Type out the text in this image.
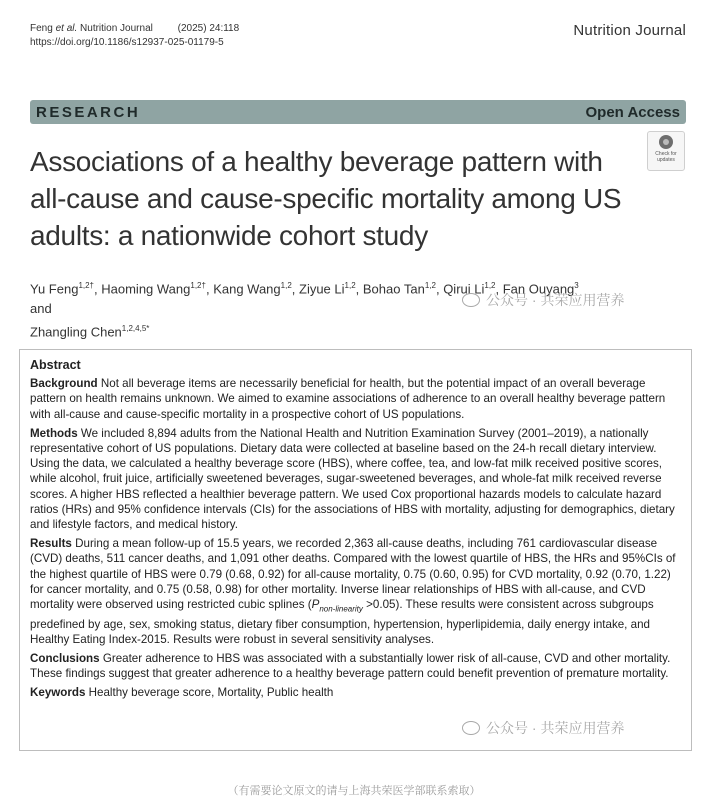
Feng et al. Nutrition Journal (2025) 24:118
https://doi.org/10.1186/s12937-025-01179-5
Nutrition Journal
RESEARCH	Open Access
Check for updates
Associations of a healthy beverage pattern with all-cause and cause-specific mortality among US adults: a nationwide cohort study
Yu Feng$^{1,2\dagger}$, Haoming Wang$^{1,2\dagger}$, Kang Wang$^{1,2}$, Ziyue Li$^{1,2}$, Bohao Tan$^{1,2}$, Qirui Li$^{1,2}$, Fan Ouyang$^3$ and
Zhangling Chen$^{1,2,4,5*}$
公众号 · 共荣应用营养
Abstract

Background Not all beverage items are necessarily beneficial for health, but the potential impact of an overall beverage pattern on health remains unknown. We aimed to examine associations of adherence to an overall healthy beverage pattern with all-cause and cause-specific mortality in a prospective cohort of US populations.

Methods We included 8,894 adults from the National Health and Nutrition Examination Survey (2001–2019), a nationally representative cohort of US populations. Dietary data were collected at baseline based on the 24-h recall dietary interview. Using the data, we calculated a healthy beverage score (HBS), where coffee, tea, and low-fat milk received positive scores, while alcohol, fruit juice, artificially sweetened beverages, sugar-sweetened beverages, and whole-fat milk received reverse scores. A higher HBS reflected a healthier beverage pattern. We used Cox proportional hazards models to calculate hazard ratios (HRs) and 95% confidence intervals (CIs) for the associations of HBS with mortality, adjusting for demographics, dietary and lifestyle factors, and medical history.

Results During a mean follow-up of 15.5 years, we recorded 2,363 all-cause deaths, including 761 cardiovascular disease (CVD) deaths, 511 cancer deaths, and 1,091 other deaths. Compared with the lowest quartile of HBS, the HRs and 95%CIs of the highest quartile of HBS were 0.79 (0.68, 0.92) for all-cause mortality, 0.75 (0.60, 0.95) for CVD mortality, 0.92 (0.70, 1.22) for cancer mortality, and 0.75 (0.58, 0.98) for other mortality. Inverse linear relationships of HBS with all-cause, and CVD mortality were observed using restricted cubic splines $(P_{non-linearity} >0.05)$. These results were consistent across subgroups predefined by age, sex, smoking status, dietary fiber consumption, hypertension, hyperlipidemia, daily energy intake, and Healthy Eating Index-2015. Results were robust in several sensitivity analyses.

Conclusions Greater adherence to HBS was associated with a substantially lower risk of all-cause, CVD and other mortality. These findings suggest that greater adherence to a healthy beverage pattern could benefit prevention of premature mortality.

Keywords Healthy beverage score, Mortality, Public health

公众号 · 共荣应用营养
（有需要论文原文的请与上海共荣医学部联系索取）
